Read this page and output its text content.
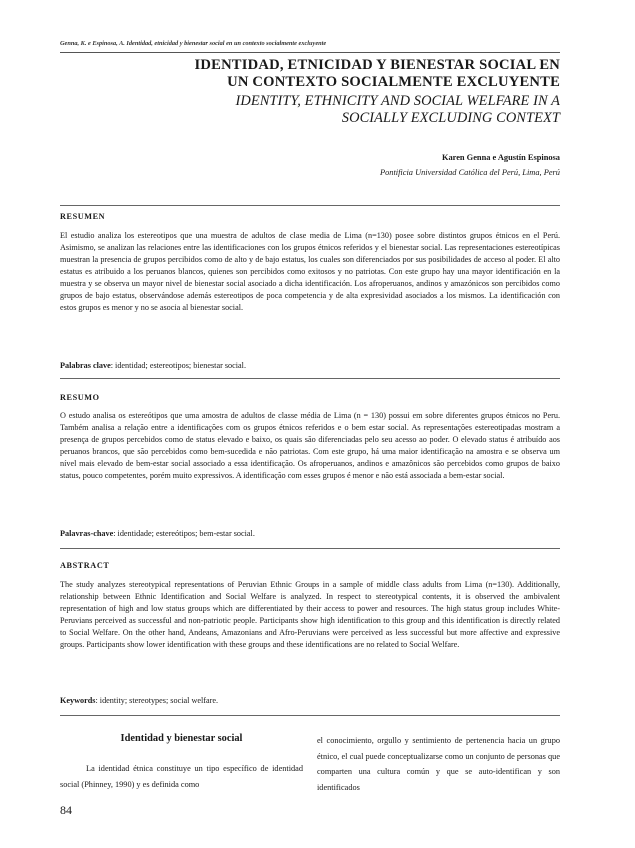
Genna, K. e Espinosa, A. Identidad, etnicidad y bienestar social en un contexto socialmente excluyente
IDENTIDAD, ETNICIDAD Y BIENESTAR SOCIAL EN
UN CONTEXTO SOCIALMENTE EXCLUYENTE
IDENTITY, ETHNICITY AND SOCIAL WELFARE IN A
SOCIALLY EXCLUDING CONTEXT
Karen Genna e Agustín Espinosa
Pontificia Universidad Católica del Perú, Lima, Perú
RESUMEN

El estudio analiza los estereotipos que una muestra de adultos de clase media de Lima (n=130) posee sobre distintos grupos étnicos en el Perú. Asimismo, se analizan las relaciones entre las identificaciones con los grupos étnicos referidos y el bienestar social. Las representaciones estereotípicas muestran la presencia de grupos percibidos como de alto y de bajo estatus, los cuales son diferenciados por sus posibilidades de acceso al poder. El alto estatus es atribuido a los peruanos blancos, quienes son percibidos como exitosos y no patriotas. Con este grupo hay una mayor identificación en la muestra y se observa un mayor nivel de bienestar social asociado a dicha identificación. Los afroperuanos, andinos y amazónicos son percibidos como grupos de bajo estatus, observándose además estereotipos de poca competencia y de alta expresividad asociados a los mismos. La identificación con estos grupos es menor y no se asocia al bienestar social.

Palabras clave: identidad; estereotipos; bienestar social.

RESUMO

O estudo analisa os estereótipos que uma amostra de adultos de classe média de Lima (n = 130) possui em sobre diferentes grupos étnicos no Peru. Também analisa a relação entre a identificações com os grupos étnicos referidos e o bem estar social. As representações estereotipadas mostram a presença de grupos percebidos como de status elevado e baixo, os quais são diferenciadas pelo seu acesso ao poder. O elevado status é atribuído aos peruanos brancos, que são percebidos como bem-sucedida e não patriotas. Com este grupo, há uma maior identificação na amostra e se observa um nível mais elevado de bem-estar social associado a essa identificação. Os afroperuanos, andinos e amazônicos são percebidos como grupos de baixo status, pouco competentes, porém muito expressivos. A identificação com esses grupos é menor e não está associada a bem-estar social.

Palavras-chave: identidade; estereótipos; bem-estar social.

ABSTRACT

The study analyzes stereotypical representations of Peruvian Ethnic Groups in a sample of middle class adults from Lima (n=130). Additionally, relationship between Ethnic Identification and Social Welfare is analyzed. In respect to stereotypical contents, it is observed the ambivalent representation of high and low status groups which are differentiated by their access to power and resources. The high status group includes White-Peruvians perceived as successful and non-patriotic people. Participants show high identification to this group and this identification is directly related to Social Welfare. On the other hand, Andeans, Amazonians and Afro-Peruvians were perceived as less successful but more affective and expressive groups. Participants show lower identification with these groups and these identifications are no related to Social Welfare.

Keywords: identity; stereotypes; social welfare.

Identidad y bienestar social

La identidad étnica constituye un tipo específico de identidad social (Phinney, 1990) y es definida como

el conocimiento, orgullo y sentimiento de pertenencia hacia un grupo étnico, el cual puede conceptualizarse como un conjunto de personas que comparten una cultura común y que se auto-identifican y son identificados

84
